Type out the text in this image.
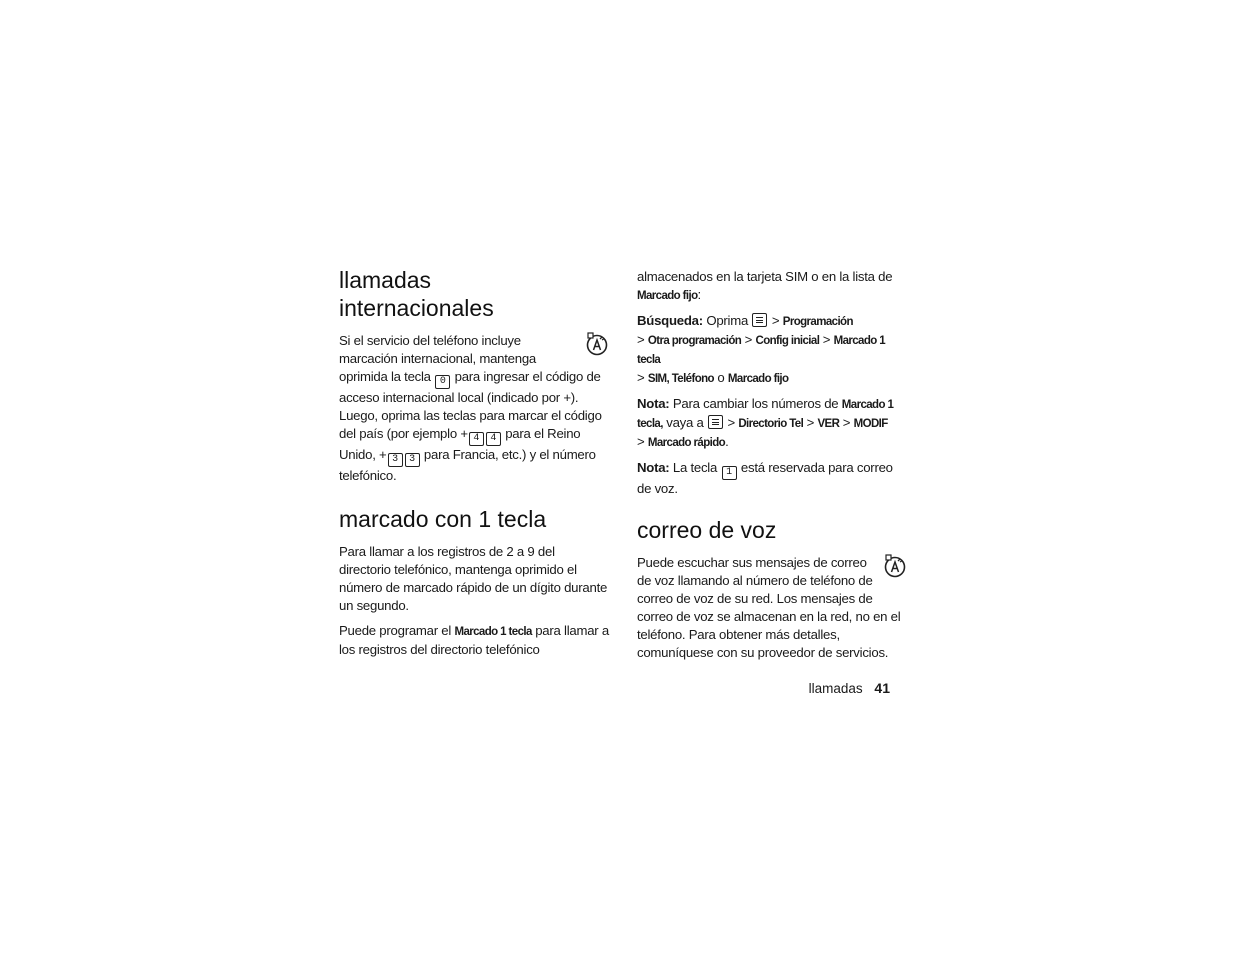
llamadas
internacionales

Si el servicio del teléfono incluye marcación internacional, mantenga oprimida la tecla 0 para ingresar el código de acceso internacional local (indicado por +). Luego, oprima las teclas para marcar el código del país (por ejemplo + 4 4 para el Reino Unido, + 3 3 para Francia, etc.) y el número telefónico.

marcado con 1 tecla

Para llamar a los registros de 2 a 9 del directorio telefónico, mantenga oprimido el número de marcado rápido de un dígito durante un segundo.

Puede programar el Marcado 1 tecla para llamar a los registros del directorio telefónico

almacenados en la tarjeta SIM o en la lista de Marcado fijo:

Búsqueda: Oprima > Programación
> Otra programación > Config inicial > Marcado 1 tecla
> SIM, Teléfono o Marcado fijo

Nota: Para cambiar los números de Marcado 1 tecla, vaya a > Directorio Tel > VER > MODIF
> Marcado rápido.

Nota: La tecla 1 está reservada para correo de voz.

correo de voz

Puede escuchar sus mensajes de correo de voz llamando al número de teléfono de correo de voz de su red. Los mensajes de correo de voz se almacenan en la red, no en el teléfono. Para obtener más detalles, comuníquese con su proveedor de servicios.

llamadas 41
